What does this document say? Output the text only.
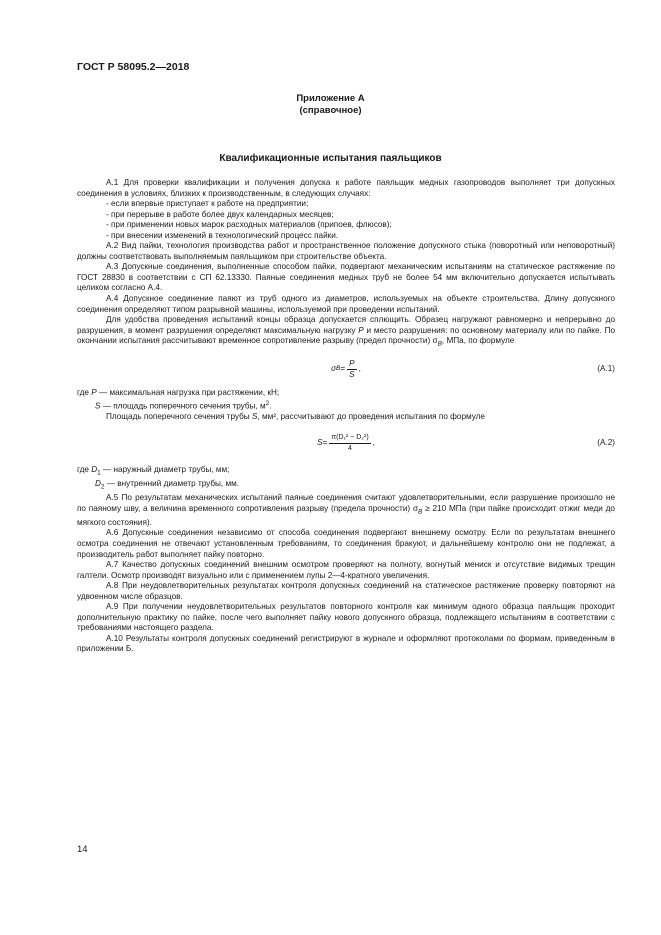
ГОСТ Р 58095.2—2018
Приложение А
(справочное)
Квалификационные испытания паяльщиков

А.1 Для проверки квалификации и получения допуска к работе паяльщик медных газопроводов выполняет три допускных соединения в условиях, близких к производственным, в следующих случаях:

- если впервые приступает к работе на предприятии;

- при перерыве в работе более двух календарных месяцев;

- при применении новых марок расходных материалов (припоев, флюсов);

- при внесении изменений в технологический процесс пайки.

А.2 Вид пайки, технология производства работ и пространственное положение допускного стыка (поворотный или неповоротный) должны соответствовать выполняемым паяльщиком при строительстве объекта.

А.3 Допускные соединения, выполненные способом пайки, подвергают механическим испытаниям на статическое растяжение по ГОСТ 28830 в соответствии с СП 62.13330. Паяные соединения медных труб не более 54 мм включительно допускается испытывать целиком согласно А.4.

А.4 Допускное соединение паяют из труб одного из диаметров, используемых на объекте строительства. Длину допускного соединения определяют типом разрывной машины, используемой при проведении испытаний.

Для удобства проведения испытаний концы образца допускается сплющить. Образец нагружают равномерно и непрерывно до разрушения, в момент разрушения определяют максимальную нагрузку P и место разрушения: по основному материалу или по пайке. По окончании испытания рассчитывают временное сопротивление разрыву (предел прочности) $\sigma_B$, МПа, по формуле

σ $B = \frac{P}{S}$ ,	(А.1)

где P — максимальная нагрузка при растяжении, кН;

S — площадь поперечного сечения трубы, $м^2$.

Площадь поперечного сечения трубы S, мм², рассчитывают до проведения испытания по формуле

$S = \frac{\text{π(D₁² − D₂²)}}{4}$ ,	(А.2)

где $D_1$ — наружный диаметр трубы, мм;

$D_2$ — внутренний диаметр трубы, мм.

А.5 По результатам механических испытаний паяные соединения считают удовлетворительными, если разрушение произошло не по паяному шву, а величина временного сопротивления разрыву (предела прочности) $\sigma_B \ge 210$ МПа (при пайке происходит отжиг меди до мягкого состояния).

А.6 Допускные соединения независимо от способа соединения подвергают внешнему осмотру. Если по результатам внешнего осмотра соединения не отвечают установленным требованиям, то соединения бракуют, и дальнейшему контролю они не подлежат, а производитель работ выполняет пайку повторно.

А.7 Качество допускных соединений внешним осмотром проверяют на полноту, вогнутый мениск и отсутствие видимых трещин галтели. Осмотр производят визуально или с применением лупы 2—4-кратного увеличения.

А.8 При неудовлетворительных результатах контроля допускных соединений на статическое растяжение проверку повторяют на удвоенном числе образцов.

А.9 При получении неудовлетворительных результатов повторного контроля как минимум одного образца паяльщик проходит дополнительную практику по пайке, после чего выполняет пайку нового допускного образца, подлежащего испытаниям в соответствии с требованиями настоящего раздела.

А.10 Результаты контроля допускных соединений регистрируют в журнале и оформляют протоколами по формам, приведенным в приложении Б.

14
